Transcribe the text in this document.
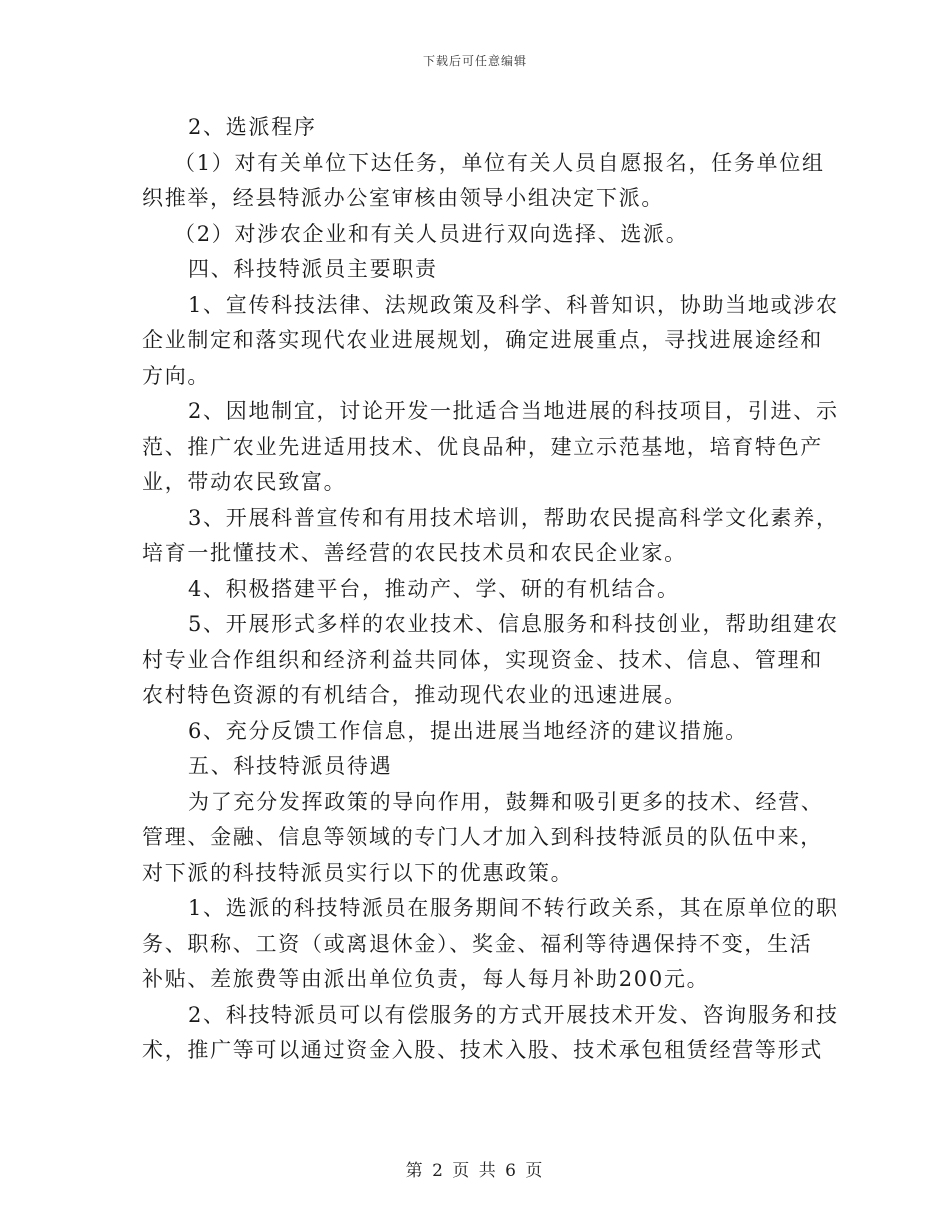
下载后可任意编辑
2、选派程序
（1）对有关单位下达任务，单位有关人员自愿报名，任务单位组
织推举，经县特派办公室审核由领导小组决定下派。
（2）对涉农企业和有关人员进行双向选择、选派。
四、科技特派员主要职责
1、宣传科技法律、法规政策及科学、科普知识，协助当地或涉农
企业制定和落实现代农业进展规划，确定进展重点，寻找进展途经和
方向。
2、因地制宜，讨论开发一批适合当地进展的科技项目，引进、示
范、推广农业先进适用技术、优良品种，建立示范基地，培育特色产
业，带动农民致富。
3、开展科普宣传和有用技术培训，帮助农民提高科学文化素养，
培育一批懂技术、善经营的农民技术员和农民企业家。
4、积极搭建平台，推动产、学、研的有机结合。
5、开展形式多样的农业技术、信息服务和科技创业，帮助组建农
村专业合作组织和经济利益共同体，实现资金、技术、信息、管理和
农村特色资源的有机结合，推动现代农业的迅速进展。
6、充分反馈工作信息，提出进展当地经济的建议措施。
五、科技特派员待遇
为了充分发挥政策的导向作用，鼓舞和吸引更多的技术、经营、
管理、金融、信息等领域的专门人才加入到科技特派员的队伍中来，
对下派的科技特派员实行以下的优惠政策。
1、选派的科技特派员在服务期间不转行政关系，其在原单位的职
务、职称、工资（或离退休金）、奖金、福利等待遇保持不变，生活
补贴、差旅费等由派出单位负责，每人每月补助200元。
2、科技特派员可以有偿服务的方式开展技术开发、咨询服务和技
术，推广等可以通过资金入股、技术入股、技术承包租赁经营等形式
第 2 页 共 6 页
